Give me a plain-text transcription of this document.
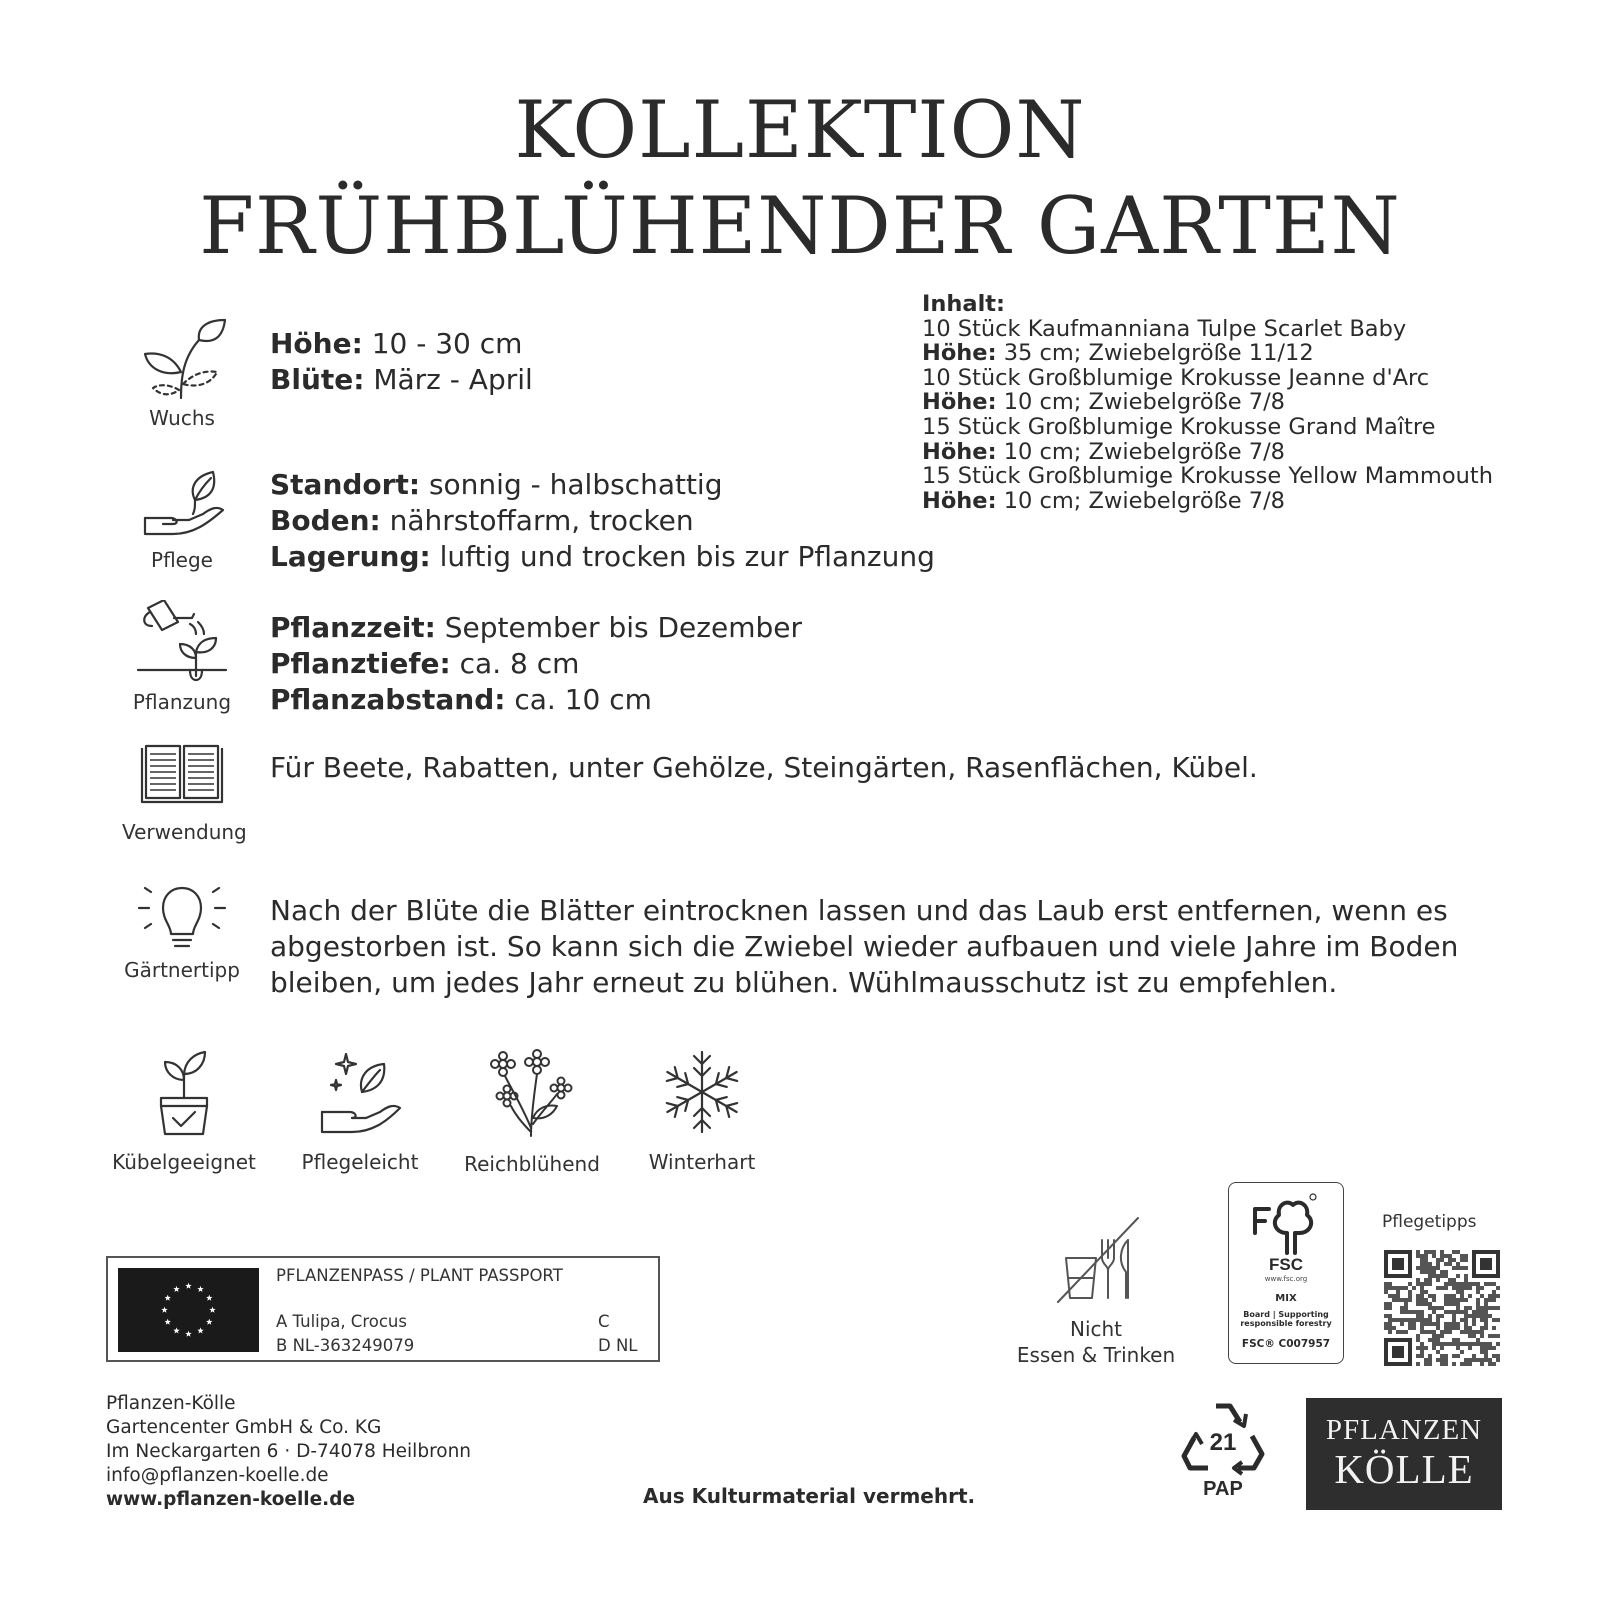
KOLLEKTION
FRÜHBLÜHENDER GARTEN
Wuchs
Höhe: 10 - 30 cm
Blüte: März - April
Pflege
Standort: sonnig - halbschattig
Boden: nährstoffarm, trocken
Lagerung: luftig und trocken bis zur Pflanzung
Pflanzung
Pflanzzeit: September bis Dezember
Pflanztiefe: ca. 8 cm
Pflanzabstand: ca. 10 cm
Verwendung
Für Beete, Rabatten, unter Gehölze, Steingärten, Rasenflächen, Kübel.
Gärtnertipp
Nach der Blüte die Blätter eintrocknen lassen und das Laub erst entfernen, wenn es abgestorben ist. So kann sich die Zwiebel wieder aufbauen und viele Jahre im Boden bleiben, um jedes Jahr erneut zu blühen. Wühlmausschutz ist zu empfehlen.
Inhalt:
10 Stück Kaufmanniana Tulpe Scarlet Baby
Höhe: 35 cm; Zwiebelgröße 11/12
10 Stück Großblumige Krokusse Jeanne d'Arc
Höhe: 10 cm; Zwiebelgröße 7/8
15 Stück Großblumige Krokusse Grand Maître
Höhe: 10 cm; Zwiebelgröße 7/8
15 Stück Großblumige Krokusse Yellow Mammouth
Höhe: 10 cm; Zwiebelgröße 7/8
Kübelgeeignet	Pflegeleicht	Reichblühend	Winterhart
PFLANZENPASS / PLANT PASSPORT
A Tulipa, Crocus
B NL-363249079
C
D NL
Pflanzen-Kölle
Gartencenter GmbH & Co. KG
Im Neckargarten 6 · D-74078 Heilbronn
info@pflanzen-koelle.de
www.pflanzen-koelle.de	Aus Kulturmaterial vermehrt.
Nicht
Essen & Trinken
FSC
www.fsc.org
MIX
Board | Supporting
responsible forestry
FSC® C007957
Pflegetipps
21
PAP
PFLANZEN
KÖLLE
